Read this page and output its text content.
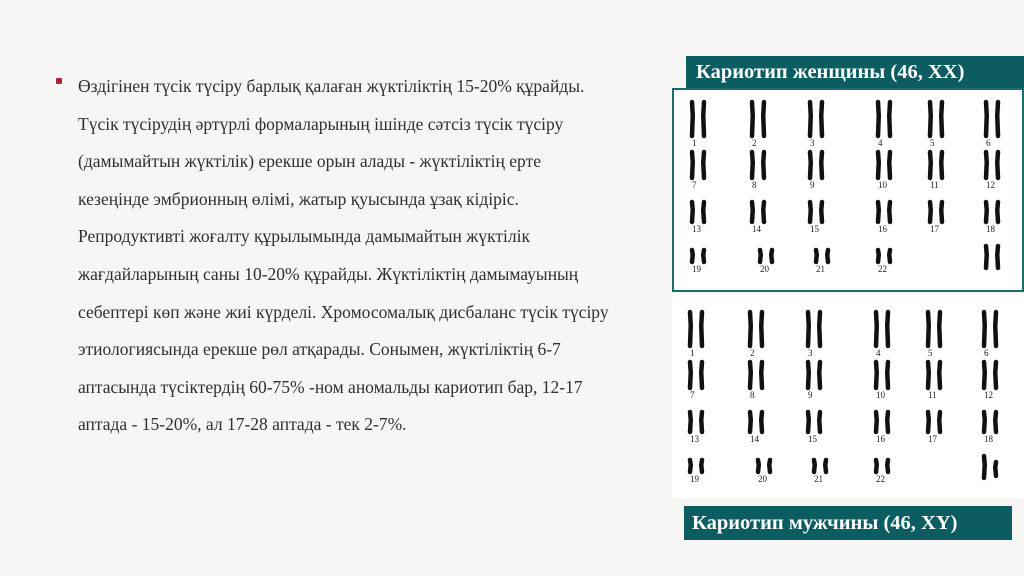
Өздігінен түсік түсіру барлық қалаған жүктіліктің 15-20% құрайды. Түсік түсірудің әртүрлі формаларының ішінде сәтсіз түсік түсіру (дамымайтын жүктілік) ерекше орын алады - жүктіліктің ерте кезеңінде эмбрионның өлімі, жатыр қуысында ұзақ кідіріс. Репродуктивті жоғалту құрылымында дамымайтын жүктілік жағдайларының саны 10-20% құрайды. Жүктіліктің дамымауының себептері көп және жиі күрделі. Хромосомалық дисбаланс түсік түсіру этиологиясында ерекше рөл атқарады. Сонымен, жүктіліктің 6-7 аптасында түсіктердің 60-75% -ном аномальды кариотип бар, 12-17 аптада - 15-20%, ал 17-28 аптада - тек 2-7%.

Кариотип женщины (46, XX)
1	2	3	4	5	6
7	8	9	10	11	12
13	14	15	16	17	18
19	20	21	22
1	2	3	4	5	6
7	8	9	10	11	12
13	14	15	16	17	18
19	20	21	22
Кариотип мужчины (46, XY)
